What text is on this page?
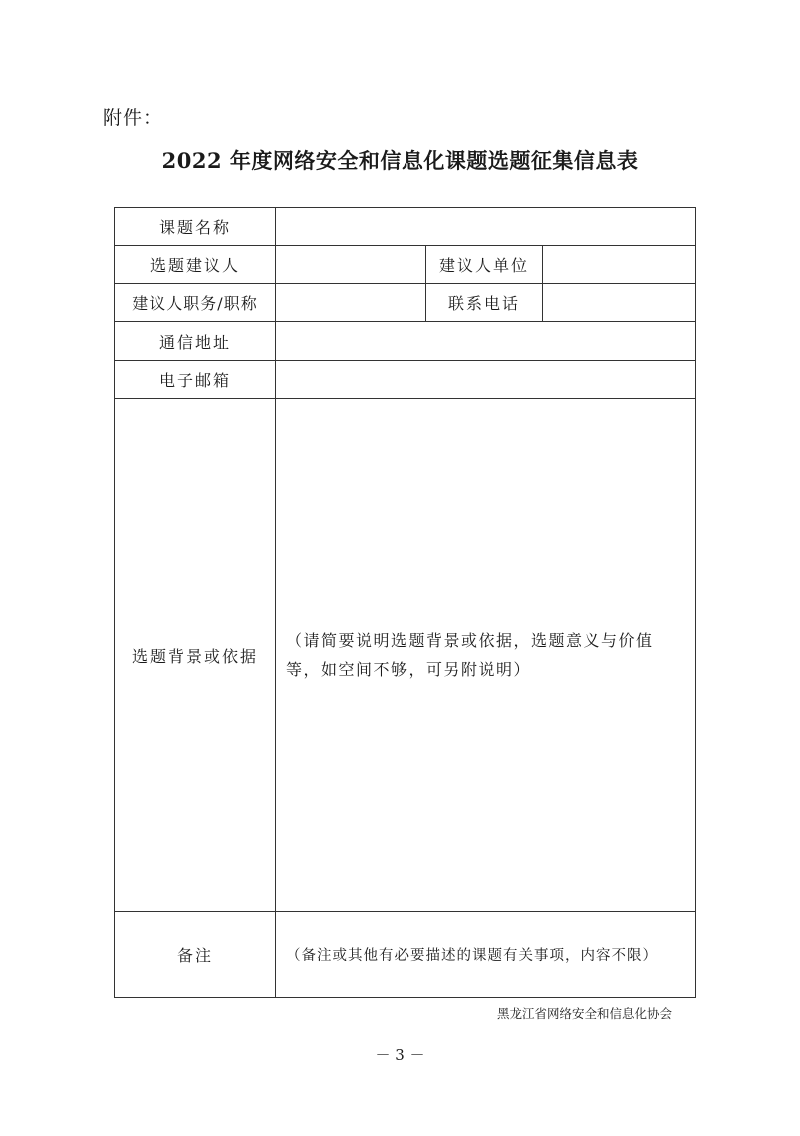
附件：
2022 年度网络安全和信息化课题选题征集信息表
课题名称			
选题建议人		建议人单位	
建议人职务/职称		联系电话	
通信地址			
电子邮箱			
选题背景或依据	（请简要说明选题背景或依据，选题意义与价值等，如空间不够，可另附说明）		
备注	（备注或其他有必要描述的课题有关事项，内容不限）		
黑龙江省网络安全和信息化协会
－ 3 －
